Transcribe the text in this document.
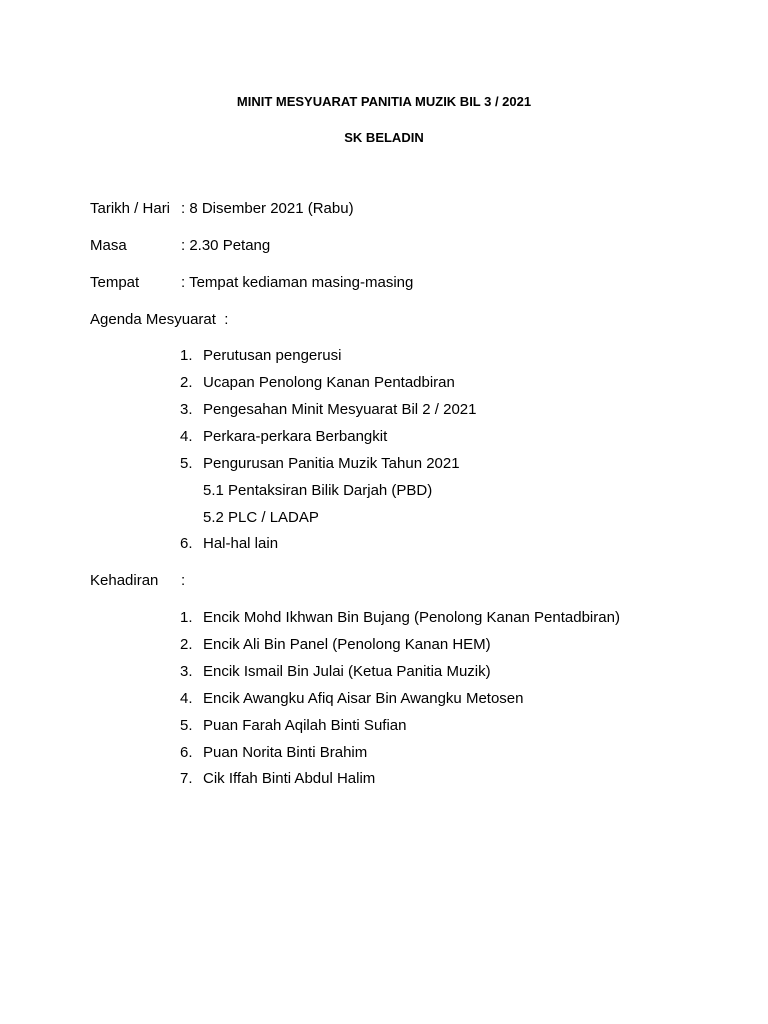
MINIT MESYUARAT PANITIA MUZIK BIL 3 / 2021
SK BELADIN
Tarikh / Hari : 8 Disember 2021 (Rabu)
Masa	: 2.30 Petang
Tempat	: Tempat kediaman masing-masing
Agenda Mesyuarat  :
1. Perutusan pengerusi
2. Ucapan Penolong Kanan Pentadbiran
3. Pengesahan Minit Mesyuarat Bil 2 / 2021
4. Perkara-perkara Berbangkit
5. Pengurusan Panitia Muzik Tahun 2021
5.1 Pentaksiran Bilik Darjah (PBD)
5.2 PLC / LADAP
6. Hal-hal lain
Kehadiran :
1. Encik Mohd Ikhwan Bin Bujang (Penolong Kanan Pentadbiran)
2. Encik Ali Bin Panel (Penolong Kanan HEM)
3. Encik Ismail Bin Julai (Ketua Panitia Muzik)
4. Encik Awangku Afiq Aisar Bin Awangku Metosen
5. Puan Farah Aqilah Binti Sufian
6. Puan Norita Binti Brahim
7. Cik Iffah Binti Abdul Halim
